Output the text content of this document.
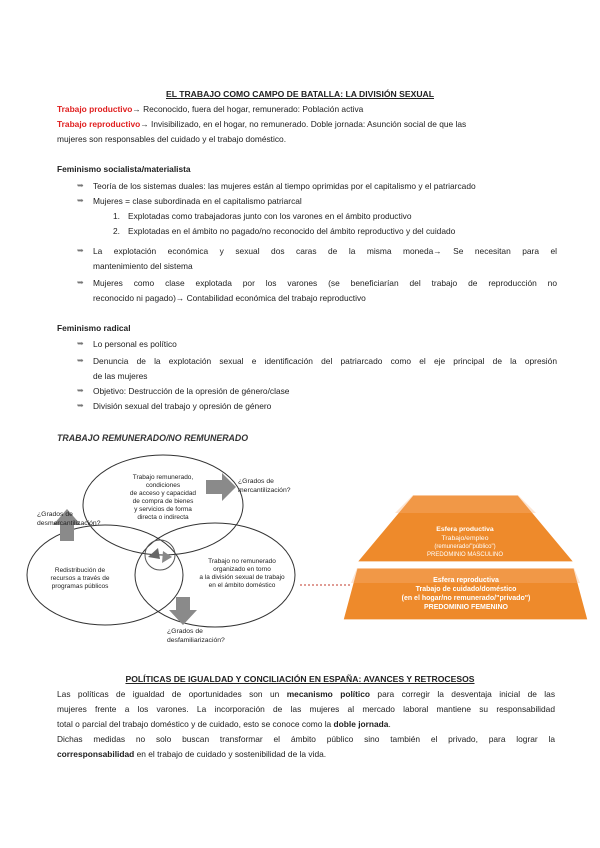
EL TRABAJO COMO CAMPO DE BATALLA: LA DIVISIÓN SEXUAL
Trabajo productivo→ Reconocido, fuera del hogar, remunerado: Población activa
Trabajo reproductivo→ Invisibilizado, en el hogar, no remunerado. Doble jornada: Asunción social de que las
mujeres son responsables del cuidado y el trabajo doméstico.
Feminismo socialista/materialista
➥ Teoría de los sistemas duales: las mujeres están al tiempo oprimidas por el capitalismo y el patriarcado
➥ Mujeres = clase subordinada en el capitalismo patriarcal
1. Explotadas como trabajadoras junto con los varones en el ámbito productivo
2. Explotadas en el ámbito no pagado/no reconocido del ámbito reproductivo y del cuidado
➥ La explotación económica y sexual dos caras de la misma moneda→ Se necesitan para el
mantenimiento del sistema
➥ Mujeres como clase explotada por los varones (se beneficiarían del trabajo de reproducción no
reconocido ni pagado)→ Contabilidad económica del trabajo reproductivo
Feminismo radical
➥ Lo personal es político
➥ Denuncia de la explotación sexual e identificación del patriarcado como el eje principal de la opresión
de las mujeres
➥ Objetivo: Destrucción de la opresión de género/clase
➥ División sexual del trabajo y opresión de género
TRABAJO REMUNERADO/NO REMUNERADO
Trabajo remunerado,
condiciones
de acceso y capacidad
de compra de bienes
y servicios de forma
directa o indirecta
Redistribución de
recursos a través de
programas públicos
Trabajo no remunerado
organizado en torno
a la división sexual de trabajo
en el ámbito doméstico
¿Grados de
mercantilización?
¿Grados de
desmercantilización?
¿Grados de
desfamiliarización?
Esfera productiva
Trabajo/empleo
(remunerado/"público")
PREDOMINIO MASCULINO
Esfera reproductiva
Trabajo de cuidado/doméstico
(en el hogar/no remunerado/"privado")
PREDOMINIO FEMENINO
POLÍTICAS DE IGUALDAD Y CONCILIACIÓN EN ESPAÑA: AVANCES Y RETROCESOS
Las políticas de igualdad de oportunidades son un mecanismo político para corregir la desventaja inicial de las
mujeres frente a los varones. La incorporación de las mujeres al mercado laboral mantiene su responsabilidad
total o parcial del trabajo doméstico y de cuidado, esto se conoce como la doble jornada.
Dichas medidas no solo buscan transformar el ámbito público sino también el privado, para lograr la
corresponsabilidad en el trabajo de cuidado y sostenibilidad de la vida.
